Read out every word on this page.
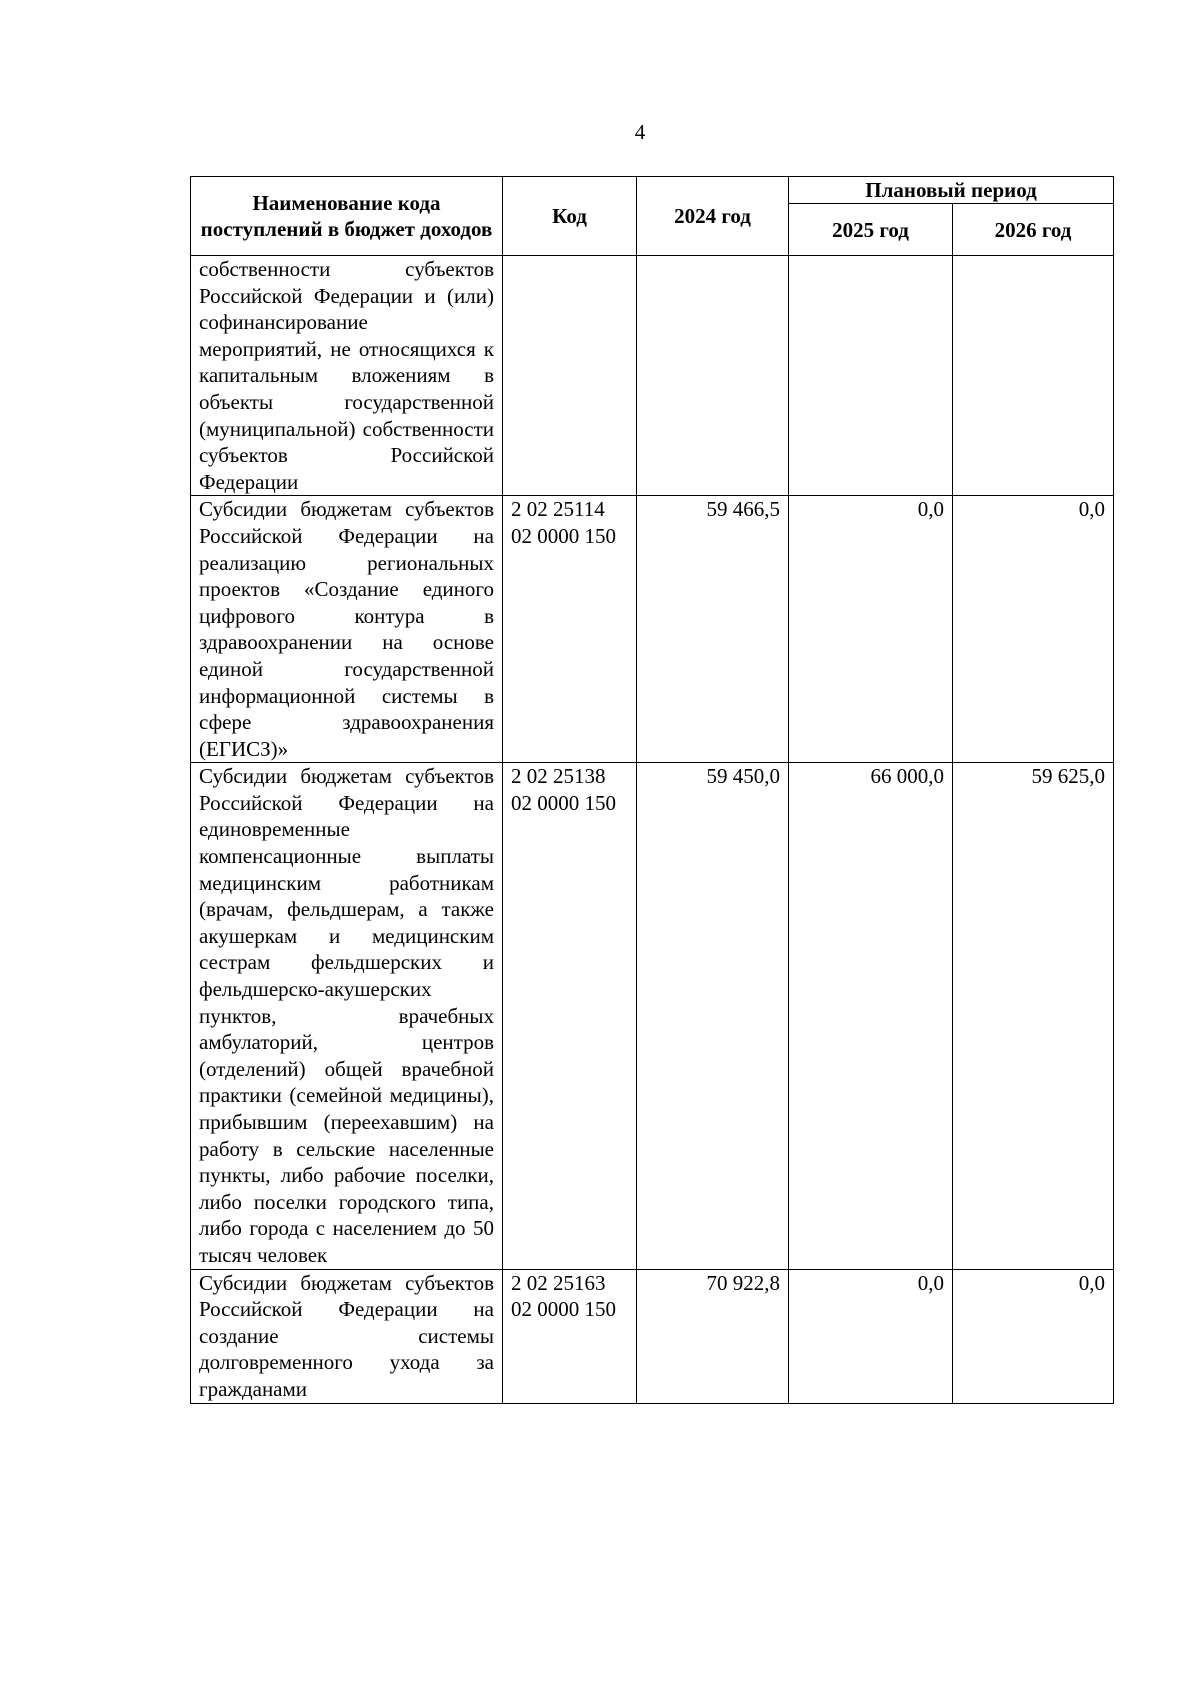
4
Наименование кода поступлений в бюджет доходов	Код	2024 год	Плановый период	
			2025 год	2026 год
собственности субъектов Российской Федерации и (или) софинансирование мероприятий, не относящихся к капитальным вложениям в объекты государственной (муниципальной) собственности субъектов Российской Федерации				
Субсидии бюджетам субъектов Российской Федерации на реализацию региональных проектов «Создание единого цифрового контура в здравоохранении на основе единой государственной информационной системы в сфере здравоохранения (ЕГИСЗ)»	2 02 25114 02 0000 150	59 466,5	0,0	0,0
Субсидии бюджетам субъектов Российской Федерации на единовременные компенсационные выплаты медицинским работникам (врачам, фельдшерам, а также акушеркам и медицинским сестрам фельдшерских и фельдшерско-акушерских пунктов, врачебных амбулаторий, центров (отделений) общей врачебной практики (семейной медицины), прибывшим (переехавшим) на работу в сельские населенные пункты, либо рабочие поселки, либо поселки городского типа, либо города с населением до 50 тысяч человек	2 02 25138 02 0000 150	59 450,0	66 000,0	59 625,0
Субсидии бюджетам субъектов Российской Федерации на создание системы долговременного ухода за гражданами	2 02 25163 02 0000 150	70 922,8	0,0	0,0
